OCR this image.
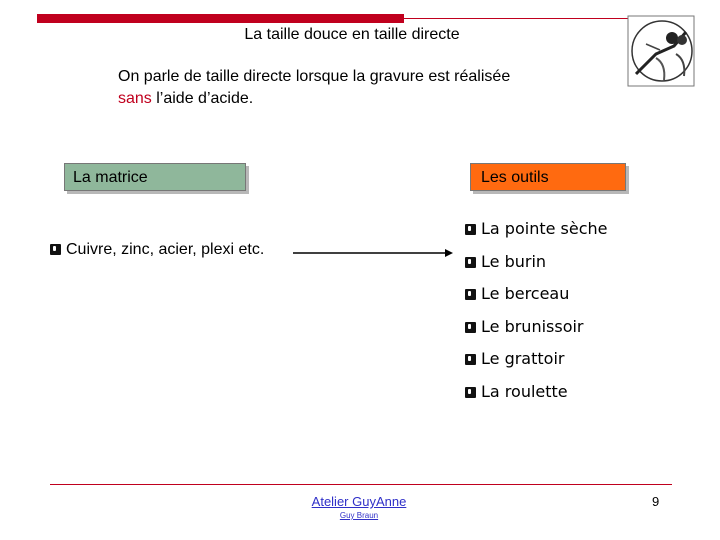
La taille douce en taille directe
On parle de taille directe lorsque la gravure est réalisée
sans l’aide d’acide.
La matrice	Les outils
Cuivre, zinc, acier, plexi etc.
La pointe sèche
Le burin
Le berceau
Le brunissoir
Le grattoir
La roulette
Atelier GuyAnne
Guy Braun
9
